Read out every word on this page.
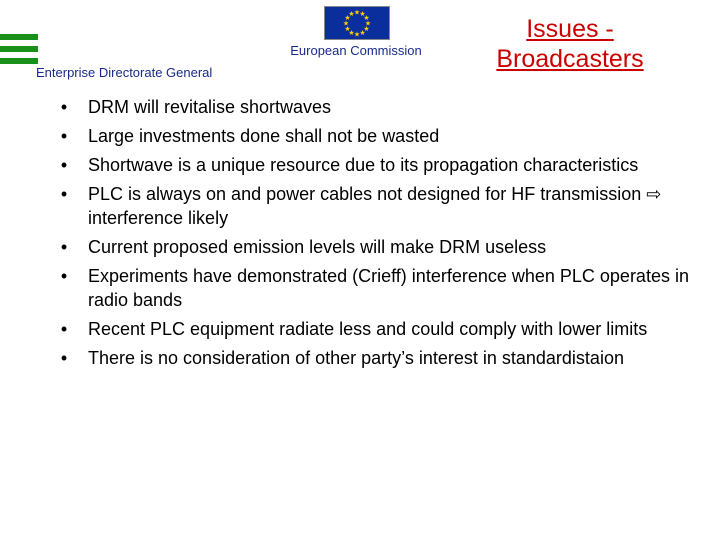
★
★
★
★
★
★
★
★
★ ★ ★
★
European Commission
Enterprise Directorate General
Issues -
Broadcasters
• DRM will revitalise shortwaves
• Large investments done shall not be wasted
• Shortwave is a unique resource due to its propagation characteristics
• PLC is always on and power cables not designed for HF transmission ⇨ interference likely
• Current proposed emission levels will make DRM useless
• Experiments have demonstrated (Crieff) interference when PLC operates in radio bands
• Recent PLC equipment radiate less and could comply with lower limits
• There is no consideration of other party’s interest in standardistaion
